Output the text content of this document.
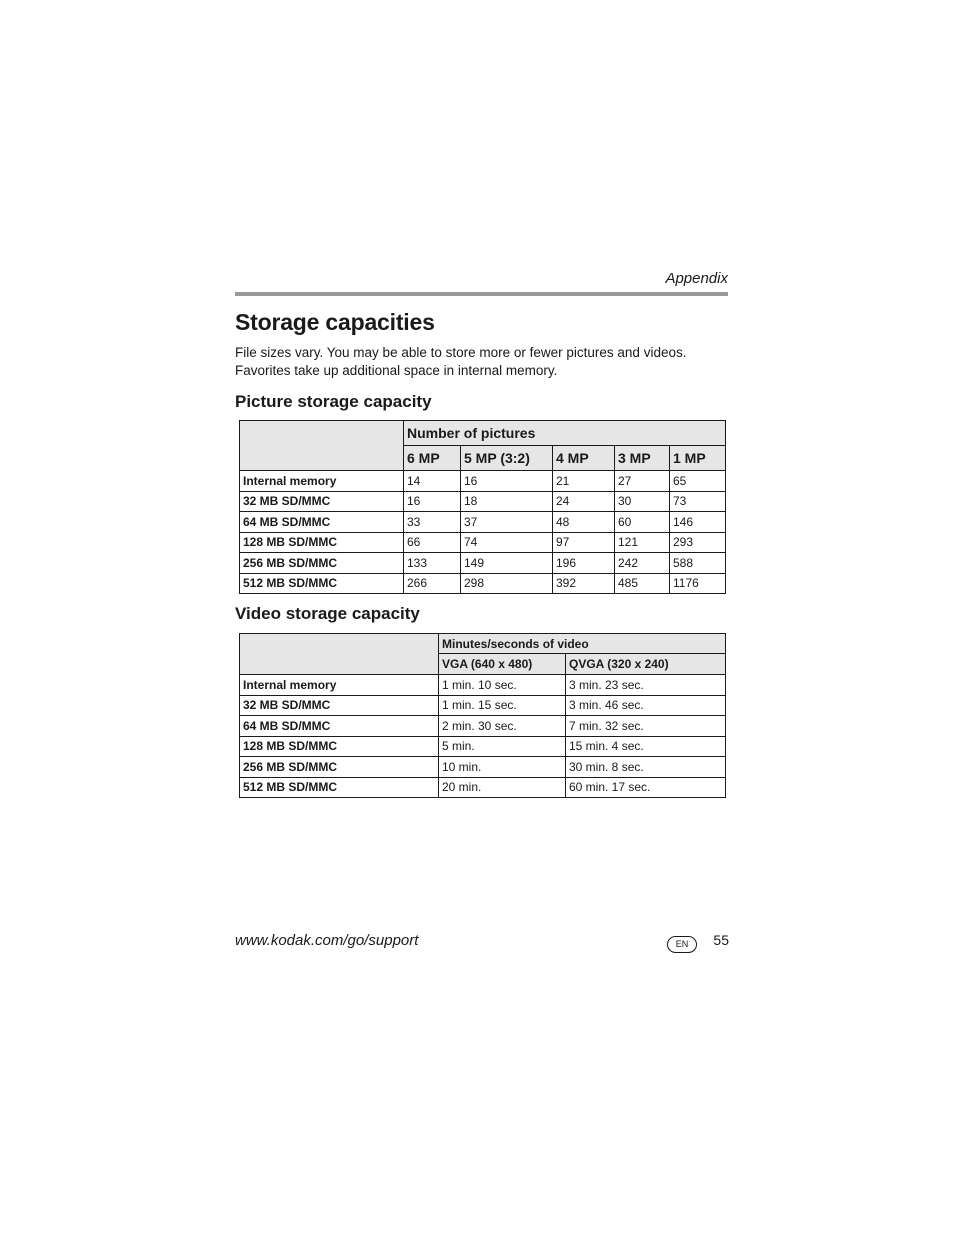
Appendix
Storage capacities

File sizes vary. You may be able to store more or fewer pictures and videos. Favorites take up additional space in internal memory.

Picture storage capacity
	Number of pictures				
	6 MP	5 MP (3:2)	4 MP	3 MP	1 MP
Internal memory	14	16	21	27	65
32 MB SD/MMC	16	18	24	30	73
64 MB SD/MMC	33	37	48	60	146
128 MB SD/MMC	66	74	97	121	293
256 MB SD/MMC	133	149	196	242	588
512 MB SD/MMC	266	298	392	485	1176
Video storage capacity
	Minutes/seconds of video	
	VGA (640 x 480)	QVGA (320 x 240)
Internal memory	1 min. 10 sec.	3 min. 23 sec.
32 MB SD/MMC	1 min. 15 sec.	3 min. 46 sec.
64 MB SD/MMC	2 min. 30 sec.	7 min. 32 sec.
128 MB SD/MMC	5 min.	15 min. 4 sec.
256 MB SD/MMC	10 min.	30 min. 8 sec.
512 MB SD/MMC	20 min.	60 min. 17 sec.
www.kodak.com/go/support	EN	55
